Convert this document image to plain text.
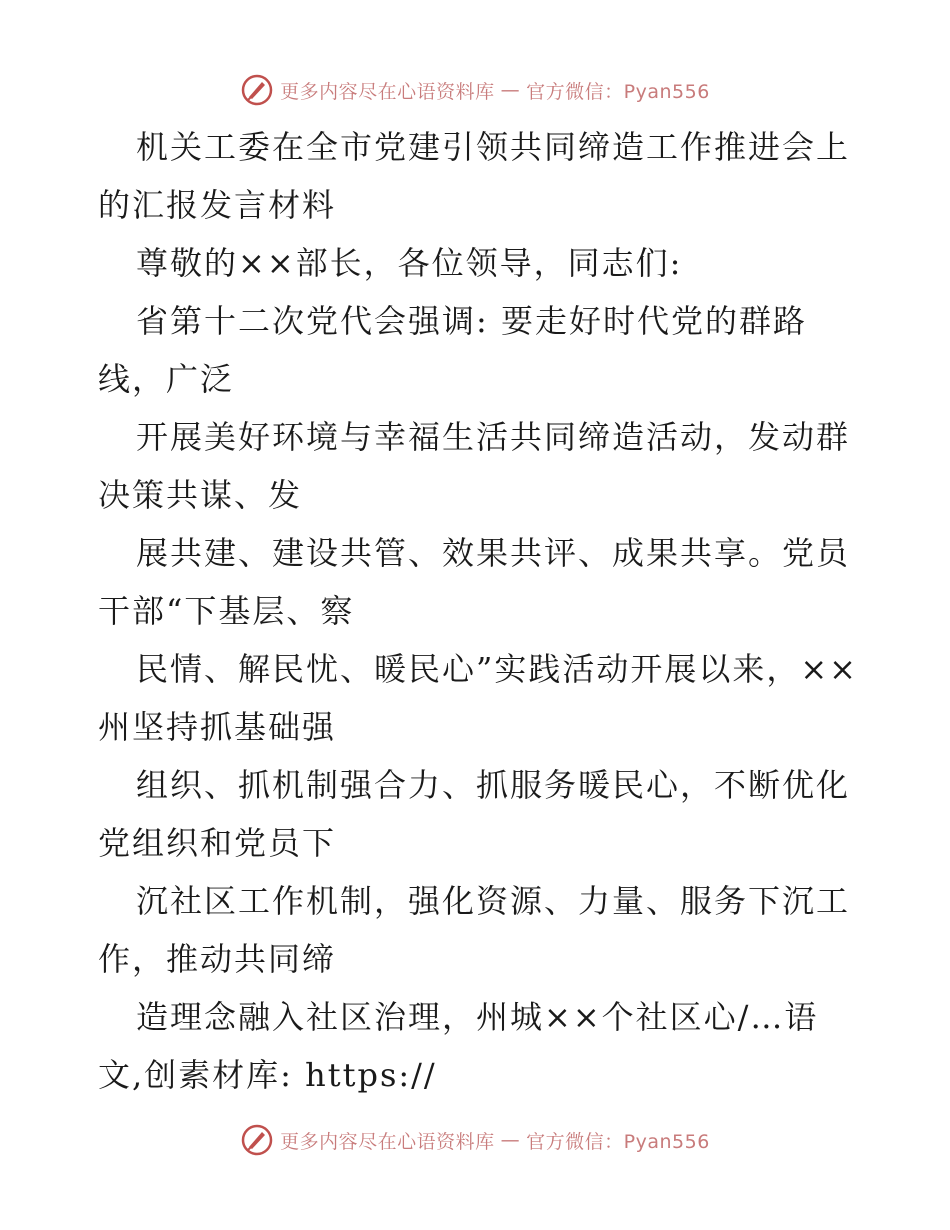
更多内容尽在心语资料库 — 官方微信：Pyan556

机关工委在全市党建引领共同缔造工作推进会上的汇报发言材料

尊敬的××部长，各位领导，同志们:

省第十二次党代会强调: 要走好时代党的群路线，广泛

开展美好环境与幸福生活共同缔造活动，发动群决策共谋、发

展共建、建设共管、效果共评、成果共享。党员干部“下基层、察

民情、解民忧、暖民心”实践活动开展以来，××州坚持抓基础强

组织、抓机制强合力、抓服务暖民心，不断优化党组织和党员下

沉社区工作机制，强化资源、力量、服务下沉工作，推动共同缔

造理念融入社区治理，州城××个社区心/…语文,创素材库: https://

更多内容尽在心语资料库 — 官方微信：Pyan556
